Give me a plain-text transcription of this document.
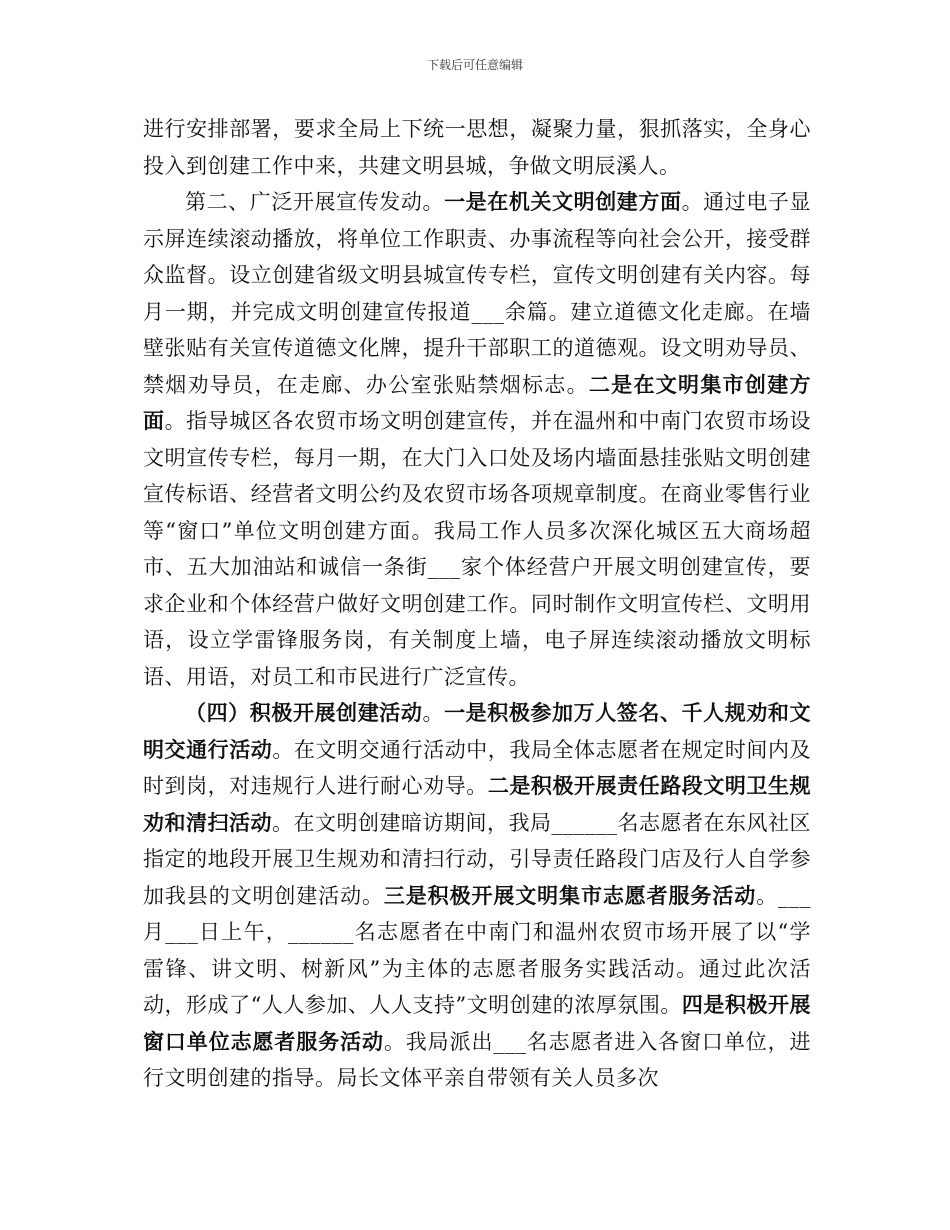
下载后可任意编辑

进行安排部署，要求全局上下统一思想，凝聚力量，狠抓落实，全身心投入到创建工作中来，共建文明县城，争做文明辰溪人。

第二、广泛开展宣传发动。一是在机关文明创建方面。通过电子显示屏连续滚动播放，将单位工作职责、办事流程等向社会公开，接受群众监督。设立创建省级文明县城宣传专栏，宣传文明创建有关内容。每月一期，并完成文明创建宣传报道___余篇。建立道德文化走廊。在墙壁张贴有关宣传道德文化牌，提升干部职工的道德观。设文明劝导员、禁烟劝导员，在走廊、办公室张贴禁烟标志。二是在文明集市创建方面。指导城区各农贸市场文明创建宣传，并在温州和中南门农贸市场设文明宣传专栏，每月一期，在大门入口处及场内墙面悬挂张贴文明创建宣传标语、经营者文明公约及农贸市场各项规章制度。在商业零售行业等“窗口”单位文明创建方面。我局工作人员多次深化城区五大商场超市、五大加油站和诚信一条街___家个体经营户开展文明创建宣传，要求企业和个体经营户做好文明创建工作。同时制作文明宣传栏、文明用语，设立学雷锋服务岗，有关制度上墙，电子屏连续滚动播放文明标语、用语，对员工和市民进行广泛宣传。

（四）积极开展创建活动。一是积极参加万人签名、千人规劝和文明交通行活动。在文明交通行活动中，我局全体志愿者在规定时间内及时到岗，对违规行人进行耐心劝导。二是积极开展责任路段文明卫生规劝和清扫活动。在文明创建暗访期间，我局______名志愿者在东风社区指定的地段开展卫生规劝和清扫行动，引导责任路段门店及行人自学参加我县的文明创建活动。三是积极开展文明集市志愿者服务活动。___月___日上午，______名志愿者在中南门和温州农贸市场开展了以“学雷锋、讲文明、树新风”为主体的志愿者服务实践活动。通过此次活动，形成了“人人参加、人人支持”文明创建的浓厚氛围。四是积极开展窗口单位志愿者服务活动。我局派出___名志愿者进入各窗口单位，进行文明创建的指导。局长文体平亲自带领有关人员多次
